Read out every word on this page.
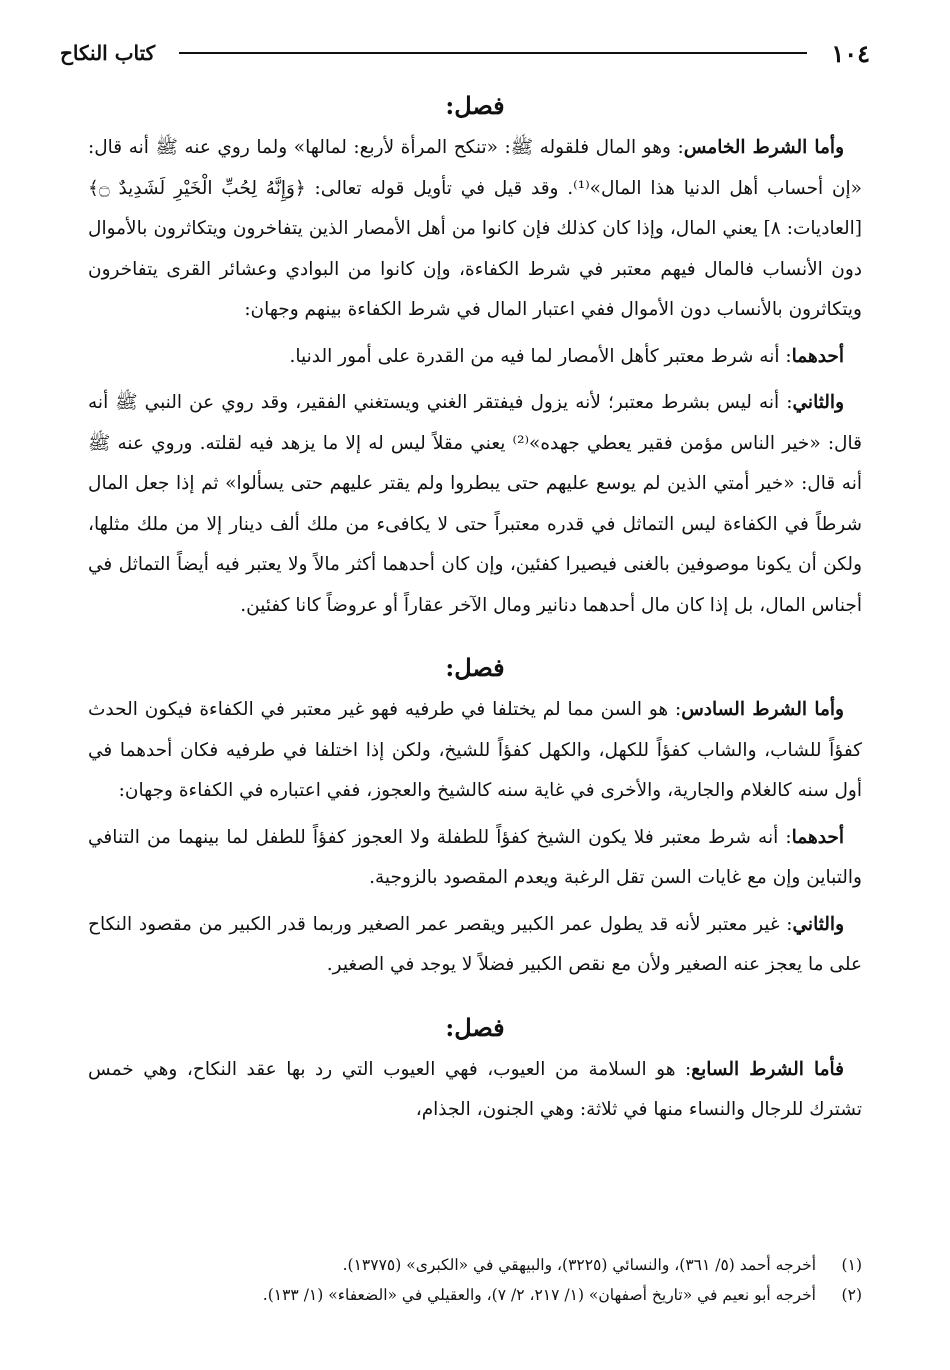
١٠٤
كتاب النكاح
فصل:

وأما الشرط الخامس: وهو المال فلقوله ﷺ: «تنكح المرأة لأربع: لمالها» ولما روي عنه ﷺ أنه قال: «إن أحساب أهل الدنيا هذا المال»⁽¹⁾. وقد قيل في تأويل قوله تعالى: ﴿وَإِنَّهُ لِحُبِّ الْخَيْرِ لَشَدِيدٌ ۝﴾ [العاديات: ٨] يعني المال، وإذا كان كذلك فإن كانوا من أهل الأمصار الذين يتفاخرون ويتكاثرون بالأموال دون الأنساب فالمال فيهم معتبر في شرط الكفاءة، وإن كانوا من البوادي وعشائر القرى يتفاخرون ويتكاثرون بالأنساب دون الأموال ففي اعتبار المال في شرط الكفاءة بينهم وجهان:

أحدهما: أنه شرط معتبر كأهل الأمصار لما فيه من القدرة على أمور الدنيا.

والثاني: أنه ليس بشرط معتبر؛ لأنه يزول فيفتقر الغني ويستغني الفقير، وقد روي عن النبي ﷺ أنه قال: «خير الناس مؤمن فقير يعطي جهده»⁽²⁾ يعني مقلاً ليس له إلا ما يزهد فيه لقلته. وروي عنه ﷺ أنه قال: «خير أمتي الذين لم يوسع عليهم حتى يبطروا ولم يقتر عليهم حتى يسألوا» ثم إذا جعل المال شرطاً في الكفاءة ليس التماثل في قدره معتبراً حتى لا يكافىء من ملك ألف دينار إلا من ملك مثلها، ولكن أن يكونا موصوفين بالغنى فيصيرا كفئين، وإن كان أحدهما أكثر مالاً ولا يعتبر فيه أيضاً التماثل في أجناس المال، بل إذا كان مال أحدهما دنانير ومال الآخر عقاراً أو عروضاً كانا كفئين.

فصل:

وأما الشرط السادس: هو السن مما لم يختلفا في طرفيه فهو غير معتبر في الكفاءة فيكون الحدث كفؤاً للشاب، والشاب كفؤاً للكهل، والكهل كفؤاً للشيخ، ولكن إذا اختلفا في طرفيه فكان أحدهما في أول سنه كالغلام والجارية، والأخرى في غاية سنه كالشيخ والعجوز، ففي اعتباره في الكفاءة وجهان:

أحدهما: أنه شرط معتبر فلا يكون الشيخ كفؤاً للطفلة ولا العجوز كفؤاً للطفل لما بينهما من التنافي والتباين وإن مع غايات السن تقل الرغبة ويعدم المقصود بالزوجية.

والثاني: غير معتبر لأنه قد يطول عمر الكبير ويقصر عمر الصغير وربما قدر الكبير من مقصود النكاح على ما يعجز عنه الصغير ولأن مع نقص الكبير فضلاً لا يوجد في الصغير.

فصل:

فأما الشرط السابع: هو السلامة من العيوب، فهي العيوب التي رد بها عقد النكاح، وهي خمس تشترك للرجال والنساء منها في ثلاثة: وهي الجنون، الجذام،

(١)
أخرجه أحمد (٥/ ٣٦١)، والنسائي (٣٢٢٥)، والبيهقي في «الكبرى» (١٣٧٧٥).
(٢)
أخرجه أبو نعيم في «تاريخ أصفهان» (١/ ٢١٧، ٢/ ٧)، والعقيلي في «الضعفاء» (١/ ١٣٣).
